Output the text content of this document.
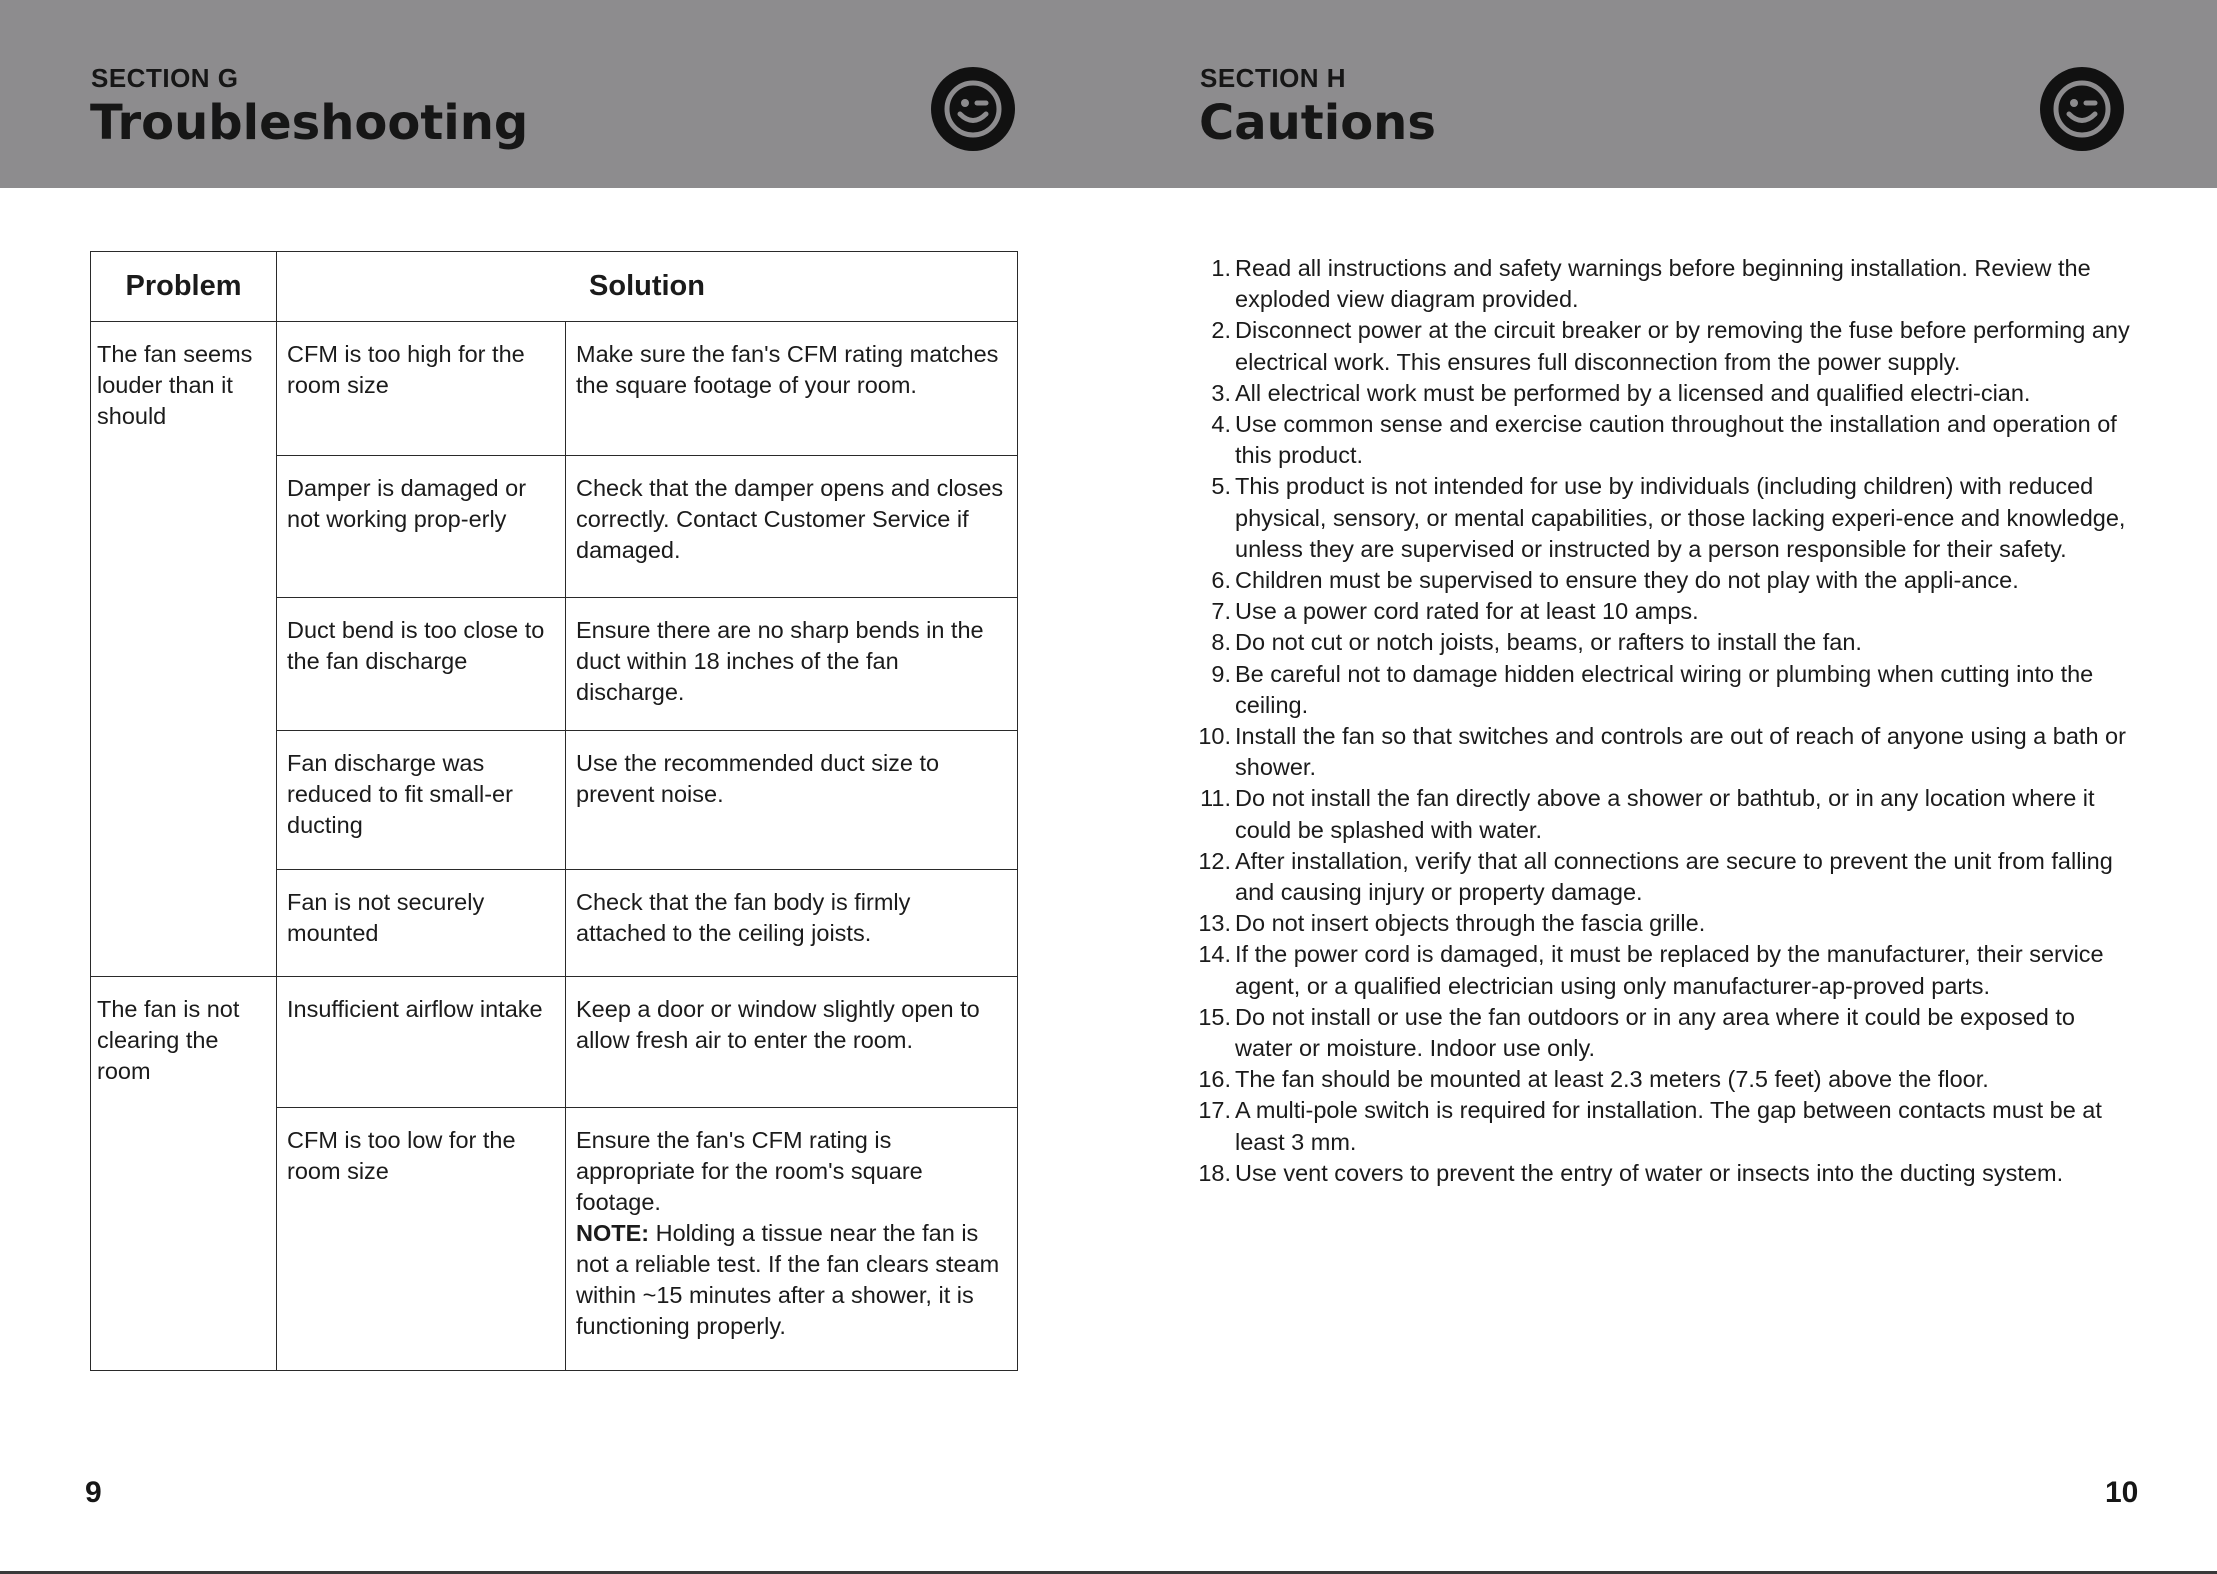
SECTION G
Troubleshooting
SECTION H
Cautions
Problem	Solution	
The fan seems louder than it should	CFM is too high for the room size	Make sure the fan's CFM rating matches the square footage of your room.
	Damper is damaged or not working prop-erly	Check that the damper opens and closes correctly. Contact Customer Service if damaged.
	Duct bend is too close to the fan discharge	Ensure there are no sharp bends in the duct within 18 inches of the fan discharge.
	Fan discharge was reduced to fit small-er ducting	Use the recommended duct size to prevent noise.
	Fan is not securely mounted	Check that the fan body is firmly attached to the ceiling joists.
The fan is not clearing the room	Insufficient airflow intake	Keep a door or window slightly open to allow fresh air to enter the room.
	CFM is too low for the room size	Ensure the fan's CFM rating is appropriate for the room's square footage.
NOTE: Holding a tissue near the fan is not a reliable test. If the fan clears steam within ~15 minutes after a shower, it is functioning properly.
1. Read all instructions and safety warnings before beginning installation. Review the exploded view diagram provided.
2. Disconnect power at the circuit breaker or by removing the fuse before performing any electrical work. This ensures full disconnection from the power supply.
3. All electrical work must be performed by a licensed and qualified electri-cian.
4. Use common sense and exercise caution throughout the installation and operation of this product.
5. This product is not intended for use by individuals (including children) with reduced physical, sensory, or mental capabilities, or those lacking experi-ence and knowledge, unless they are supervised or instructed by a person responsible for their safety.
6. Children must be supervised to ensure they do not play with the appli-ance.
7. Use a power cord rated for at least 10 amps.
8. Do not cut or notch joists, beams, or rafters to install the fan.
9. Be careful not to damage hidden electrical wiring or plumbing when cutting into the ceiling.
10. Install the fan so that switches and controls are out of reach of anyone using a bath or shower.
11. Do not install the fan directly above a shower or bathtub, or in any location where it could be splashed with water.
12. After installation, verify that all connections are secure to prevent the unit from falling and causing injury or property damage.
13. Do not insert objects through the fascia grille.
14. If the power cord is damaged, it must be replaced by the manufacturer, their service agent, or a qualified electrician using only manufacturer-ap-proved parts.
15. Do not install or use the fan outdoors or in any area where it could be exposed to water or moisture. Indoor use only.
16. The fan should be mounted at least 2.3 meters (7.5 feet) above the floor.
17. A multi-pole switch is required for installation. The gap between contacts must be at least 3 mm.
18. Use vent covers to prevent the entry of water or insects into the ducting system.
9	10
